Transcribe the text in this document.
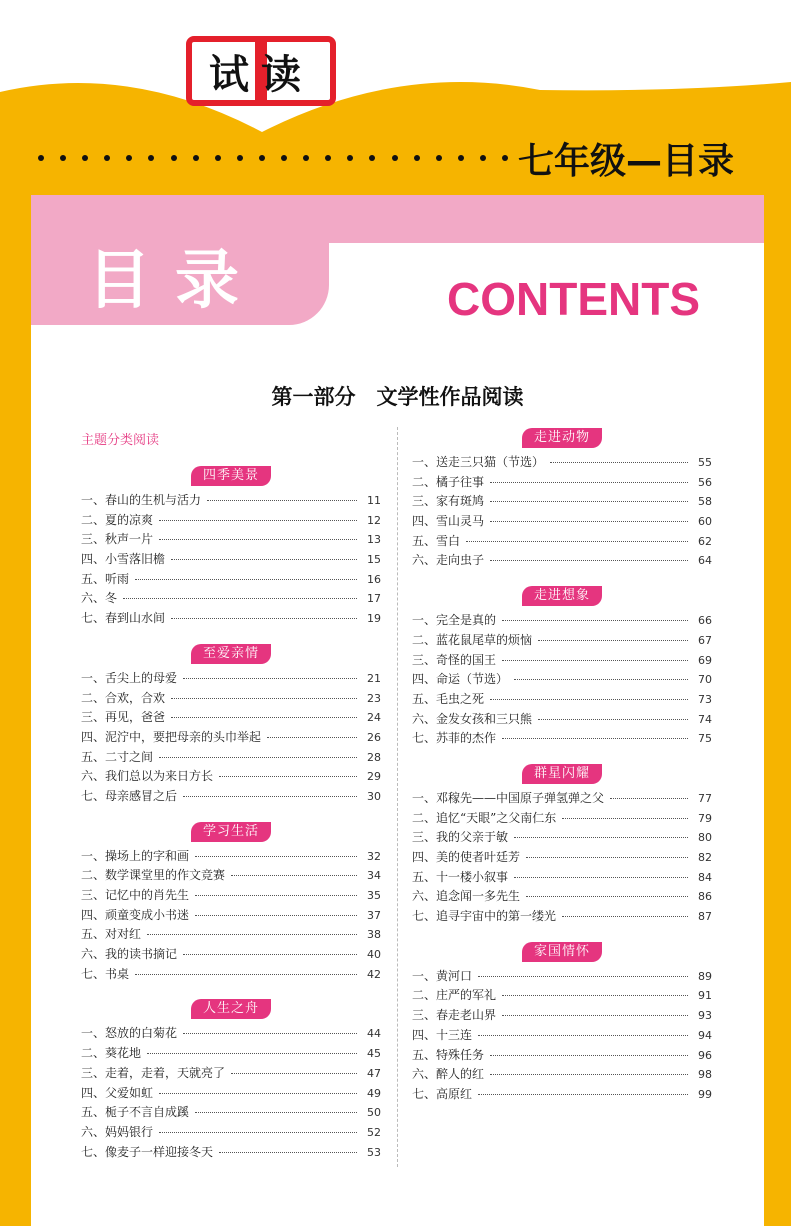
试读
七年级—目录
目录	CONTENTS
第一部分　文学性作品阅读
主题分类阅读
四季美景
一、春山的生机与活力	11
二、夏的凉爽	12
三、秋声一片	13
四、小雪落旧檐	15
五、听雨	16
六、冬	17
七、春到山水间	19
至爱亲情
一、舌尖上的母爱	21
二、合欢，合欢	23
三、再见，爸爸	24
四、泥泞中，要把母亲的头巾举起	26
五、二寸之间	28
六、我们总以为来日方长	29
七、母亲感冒之后	30
学习生活
一、操场上的字和画	32
二、数学课堂里的作文竞赛	34
三、记忆中的肖先生	35
四、顽童变成小书迷	37
五、对对红	38
六、我的读书摘记	40
七、书桌	42
人生之舟
一、怒放的白菊花	44
二、葵花地	45
三、走着，走着，天就亮了	47
四、父爱如虹	49
五、栀子不言自成蹊	50
六、妈妈银行	52
七、像麦子一样迎接冬天	53
走进动物
一、送走三只猫（节选）	55
二、橘子往事	56
三、家有斑鸠	58
四、雪山灵马	60
五、雪白	62
六、走向虫子	64
走进想象
一、完全是真的	66
二、蓝花鼠尾草的烦恼	67
三、奇怪的国王	69
四、命运（节选）	70
五、毛虫之死	73
六、金发女孩和三只熊	74
七、苏菲的杰作	75
群星闪耀
一、邓稼先——中国原子弹氢弹之父	77
二、追忆“天眼”之父南仁东	79
三、我的父亲于敏	80
四、美的使者叶廷芳	82
五、十一楼小叙事	84
六、追念闻一多先生	86
七、追寻宇宙中的第一缕光	87
家国情怀
一、黄河口	89
二、庄严的军礼	91
三、春走老山界	93
四、十三连	94
五、特殊任务	96
六、醉人的红	98
七、高原红	99
